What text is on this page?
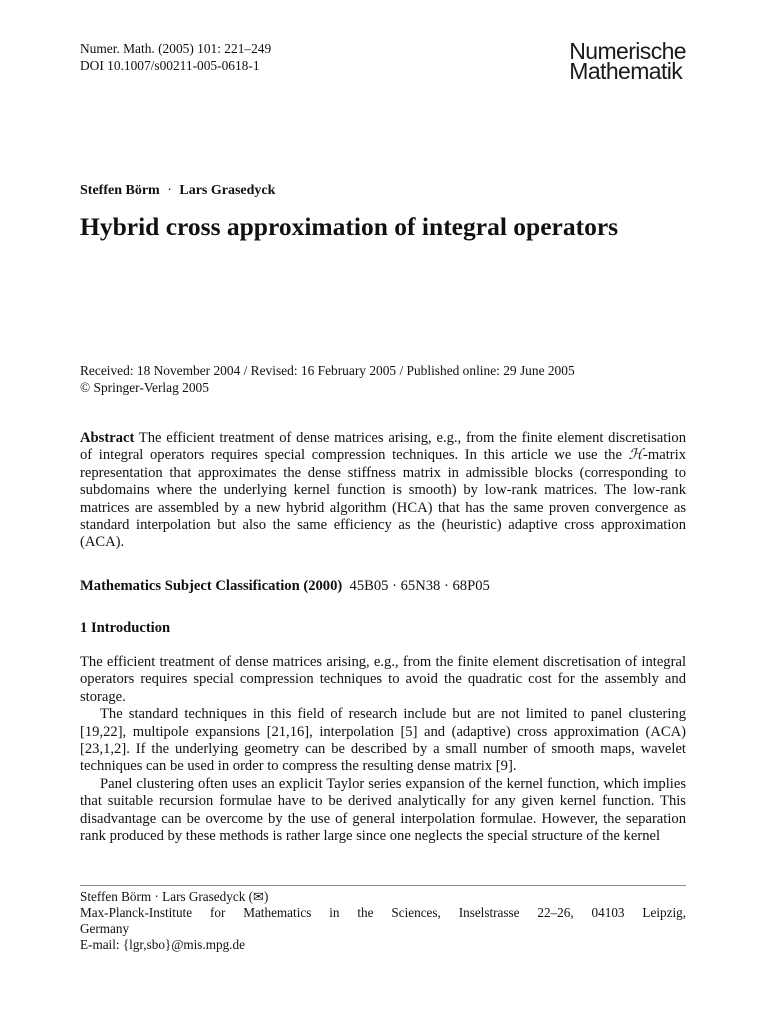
Numer. Math. (2005) 101: 221–249
DOI 10.1007/s00211-005-0618-1
Numerische
Mathematik
Steffen Börm · Lars Grasedyck
Hybrid cross approximation of integral operators
Received: 18 November 2004 / Revised: 16 February 2005 / Published online: 29 June 2005
© Springer-Verlag 2005

Abstract The efficient treatment of dense matrices arising, e.g., from the finite element discretisation of integral operators requires special compression techniques. In this article we use the ℋ-matrix representation that approximates the dense stiffness matrix in admissible blocks (corresponding to subdomains where the underlying kernel function is smooth) by low-rank matrices. The low-rank matrices are assembled by a new hybrid algorithm (HCA) that has the same proven convergence as standard interpolation but also the same efficiency as the (heuristic) adaptive cross approximation (ACA).

Mathematics Subject Classification (2000) 45B05 · 65N38 · 68P05
1 Introduction

The efficient treatment of dense matrices arising, e.g., from the finite element discretisation of integral operators requires special compression techniques to avoid the quadratic cost for the assembly and storage.

The standard techniques in this field of research include but are not limited to panel clustering [19,22], multipole expansions [21,16], interpolation [5] and (adaptive) cross approximation (ACA) [23,1,2]. If the underlying geometry can be described by a small number of smooth maps, wavelet techniques can be used in order to compress the resulting dense matrix [9].

Panel clustering often uses an explicit Taylor series expansion of the kernel function, which implies that suitable recursion formulae have to be derived analytically for any given kernel function. This disadvantage can be overcome by the use of general interpolation formulae. However, the separation rank produced by these methods is rather large since one neglects the special structure of the kernel

Steffen Börm · Lars Grasedyck (✉)

Max-Planck-Institute for Mathematics in the Sciences, Inselstrasse 22–26, 04103 Leipzig,

Germany

E-mail: {lgr,sbo}@mis.mpg.de
